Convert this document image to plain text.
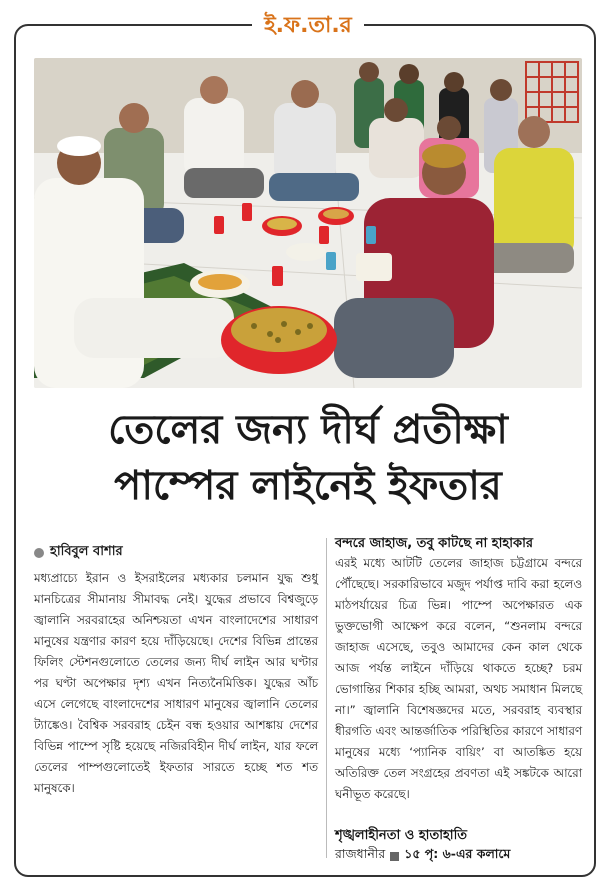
ই.ফ.তা.র
তেলের জন্য দীর্ঘ প্রতীক্ষা
পাম্পের লাইনেই ইফতার
হাবিবুল বাশার
মধ্যপ্রাচ্যে ইরান ও ইসরাইলের মধ্যকার চলমান যুদ্ধ শুধু মানচিত্রের সীমানায় সীমাবদ্ধ নেই। যুদ্ধের প্রভাবে বিশ্বজুড়ে জ্বালানি সরবরাহের অনিশ্চয়তা এখন বাংলাদেশের সাধারণ মানুষের যন্ত্রণার কারণ হয়ে দাঁড়িয়েছে। দেশের বিভিন্ন প্রান্তের ফিলিং স্টেশনগুলোতে তেলের জন্য দীর্ঘ লাইন আর ঘণ্টার পর ঘণ্টা অপেক্ষার দৃশ্য এখন নিত্যনৈমিত্তিক। যুদ্ধের আঁচ এসে লেগেছে বাংলাদেশের সাধারণ মানুষের জ্বালানি তেলের ট্যাঙ্কেও। বৈশ্বিক সরবরাহ চেইন বন্ধ হওয়ার আশঙ্কায় দেশের বিভিন্ন পাম্পে সৃষ্টি হয়েছে নজিরবিহীন দীর্ঘ লাইন, যার ফলে তেলের পাম্পগুলোতেই ইফতার সারতে হচ্ছে শত শত মানুষকে।
বন্দরে জাহাজ, তবু কাটছে না হাহাকার
এরই মধ্যে আটটি তেলের জাহাজ চট্টগ্রামে বন্দরে পৌঁছেছে। সরকারিভাবে মজুদ পর্যাপ্ত দাবি করা হলেও মাঠপর্যায়ের চিত্র ভিন্ন। পাম্পে অপেক্ষারত এক ভুক্তভোগী আক্ষেপ করে বলেন, “শুনলাম বন্দরে জাহাজ এসেছে, তবুও আমাদের কেন কাল থেকে আজ পর্যন্ত লাইনে দাঁড়িয়ে থাকতে হচ্ছে? চরম ভোগান্তির শিকার হচ্ছি আমরা, অথচ সমাধান মিলছে না।” জ্বালানি বিশেষজ্ঞদের মতে, সরবরাহ ব্যবস্থার ধীরগতি এবং আন্তর্জাতিক পরিস্থিতির কারণে সাধারণ মানুষের মধ্যে ‘প্যানিক বায়িং’ বা আতঙ্কিত হয়ে অতিরিক্ত তেল সংগ্রহের প্রবণতা এই সঙ্কটকে আরো ঘনীভূত করেছে।
শৃঙ্খলাহীনতা ও হাতাহাতি
রাজধানীর ১৫ পৃ: ৬-এর কলামে
